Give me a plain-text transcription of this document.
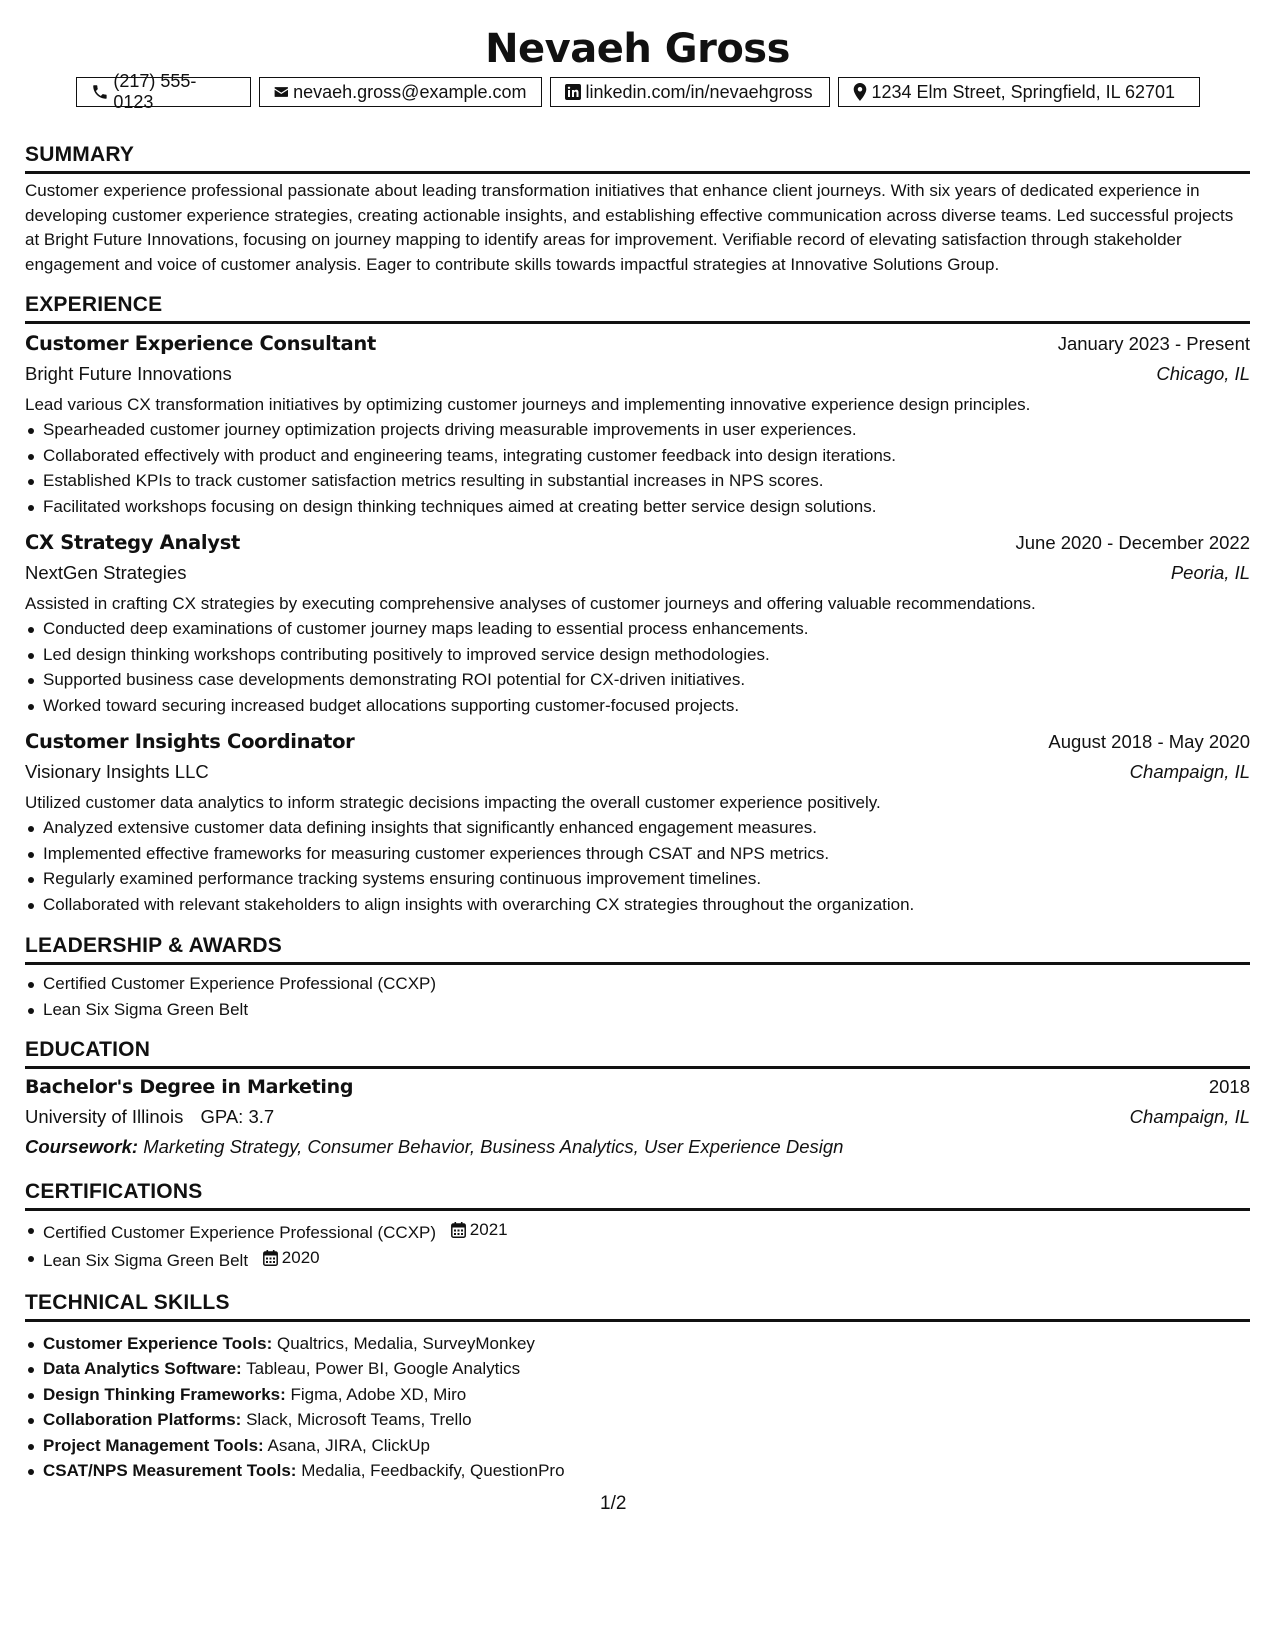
Nevaeh Gross
(217) 555-0123
nevaeh.gross@example.com	linkedin.com/in/nevaehgross	1234 Elm Street, Springfield, IL 62701
SUMMARY
Customer experience professional passionate about leading transformation initiatives that enhance client journeys. With six years of dedicated experience in developing customer experience strategies, creating actionable insights, and establishing effective communication across diverse teams. Led successful projects at Bright Future Innovations, focusing on journey mapping to identify areas for improvement. Verifiable record of elevating satisfaction through stakeholder engagement and voice of customer analysis. Eager to contribute skills towards impactful strategies at Innovative Solutions Group.
EXPERIENCE
Customer Experience Consultant	January 2023 - Present
Bright Future Innovations	Chicago, IL
Lead various CX transformation initiatives by optimizing customer journeys and implementing innovative experience design principles.
Spearheaded customer journey optimization projects driving measurable improvements in user experiences.
Collaborated effectively with product and engineering teams, integrating customer feedback into design iterations.
Established KPIs to track customer satisfaction metrics resulting in substantial increases in NPS scores.
Facilitated workshops focusing on design thinking techniques aimed at creating better service design solutions.
CX Strategy Analyst	June 2020 - December 2022
NextGen Strategies	Peoria, IL
Assisted in crafting CX strategies by executing comprehensive analyses of customer journeys and offering valuable recommendations.
Conducted deep examinations of customer journey maps leading to essential process enhancements.
Led design thinking workshops contributing positively to improved service design methodologies.
Supported business case developments demonstrating ROI potential for CX-driven initiatives.
Worked toward securing increased budget allocations supporting customer-focused projects.
Customer Insights Coordinator	August 2018 - May 2020
Visionary Insights LLC	Champaign, IL
Utilized customer data analytics to inform strategic decisions impacting the overall customer experience positively.
Analyzed extensive customer data defining insights that significantly enhanced engagement measures.
Implemented effective frameworks for measuring customer experiences through CSAT and NPS metrics.
Regularly examined performance tracking systems ensuring continuous improvement timelines.
Collaborated with relevant stakeholders to align insights with overarching CX strategies throughout the organization.
LEADERSHIP & AWARDS
Certified Customer Experience Professional (CCXP)
Lean Six Sigma Green Belt
EDUCATION
Bachelor's Degree in Marketing	2018
University of Illinois GPA: 3.7	Champaign, IL
Coursework: Marketing Strategy, Consumer Behavior, Business Analytics, User Experience Design
CERTIFICATIONS
Certified Customer Experience Professional (CCXP) 2021
Lean Six Sigma Green Belt 2020
TECHNICAL SKILLS
Customer Experience Tools: Qualtrics, Medalia, SurveyMonkey
Data Analytics Software: Tableau, Power BI, Google Analytics
Design Thinking Frameworks: Figma, Adobe XD, Miro
Collaboration Platforms: Slack, Microsoft Teams, Trello
Project Management Tools: Asana, JIRA, ClickUp
CSAT/NPS Measurement Tools: Medalia, Feedbackify, QuestionPro
1/2
